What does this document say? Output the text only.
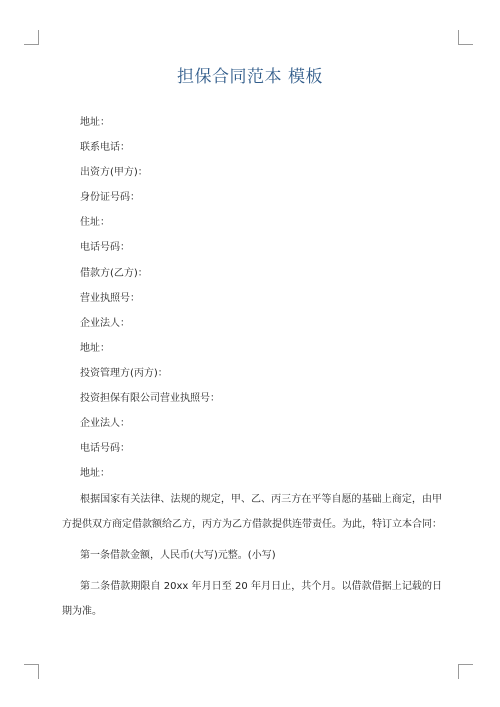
担保合同范本 模板
地址：
联系电话：
出资方(甲方)：
身份证号码：
住址：
电话号码：
借款方(乙方)：
营业执照号：
企业法人：
地址：
投资管理方(丙方)：
投资担保有限公司营业执照号：
企业法人：
电话号码：
地址：

根据国家有关法律、法规的规定，甲、乙、丙三方在平等自愿的基础上商定，由甲方提供双方商定借款额给乙方，丙方为乙方借款提供连带责任。为此，特订立本合同：

第一条借款金额，人民币(大写)元整。(小写)

第二条借款期限自 20xx 年月日至 20 年月日止，共个月。以借款借据上记载的日期为准。
